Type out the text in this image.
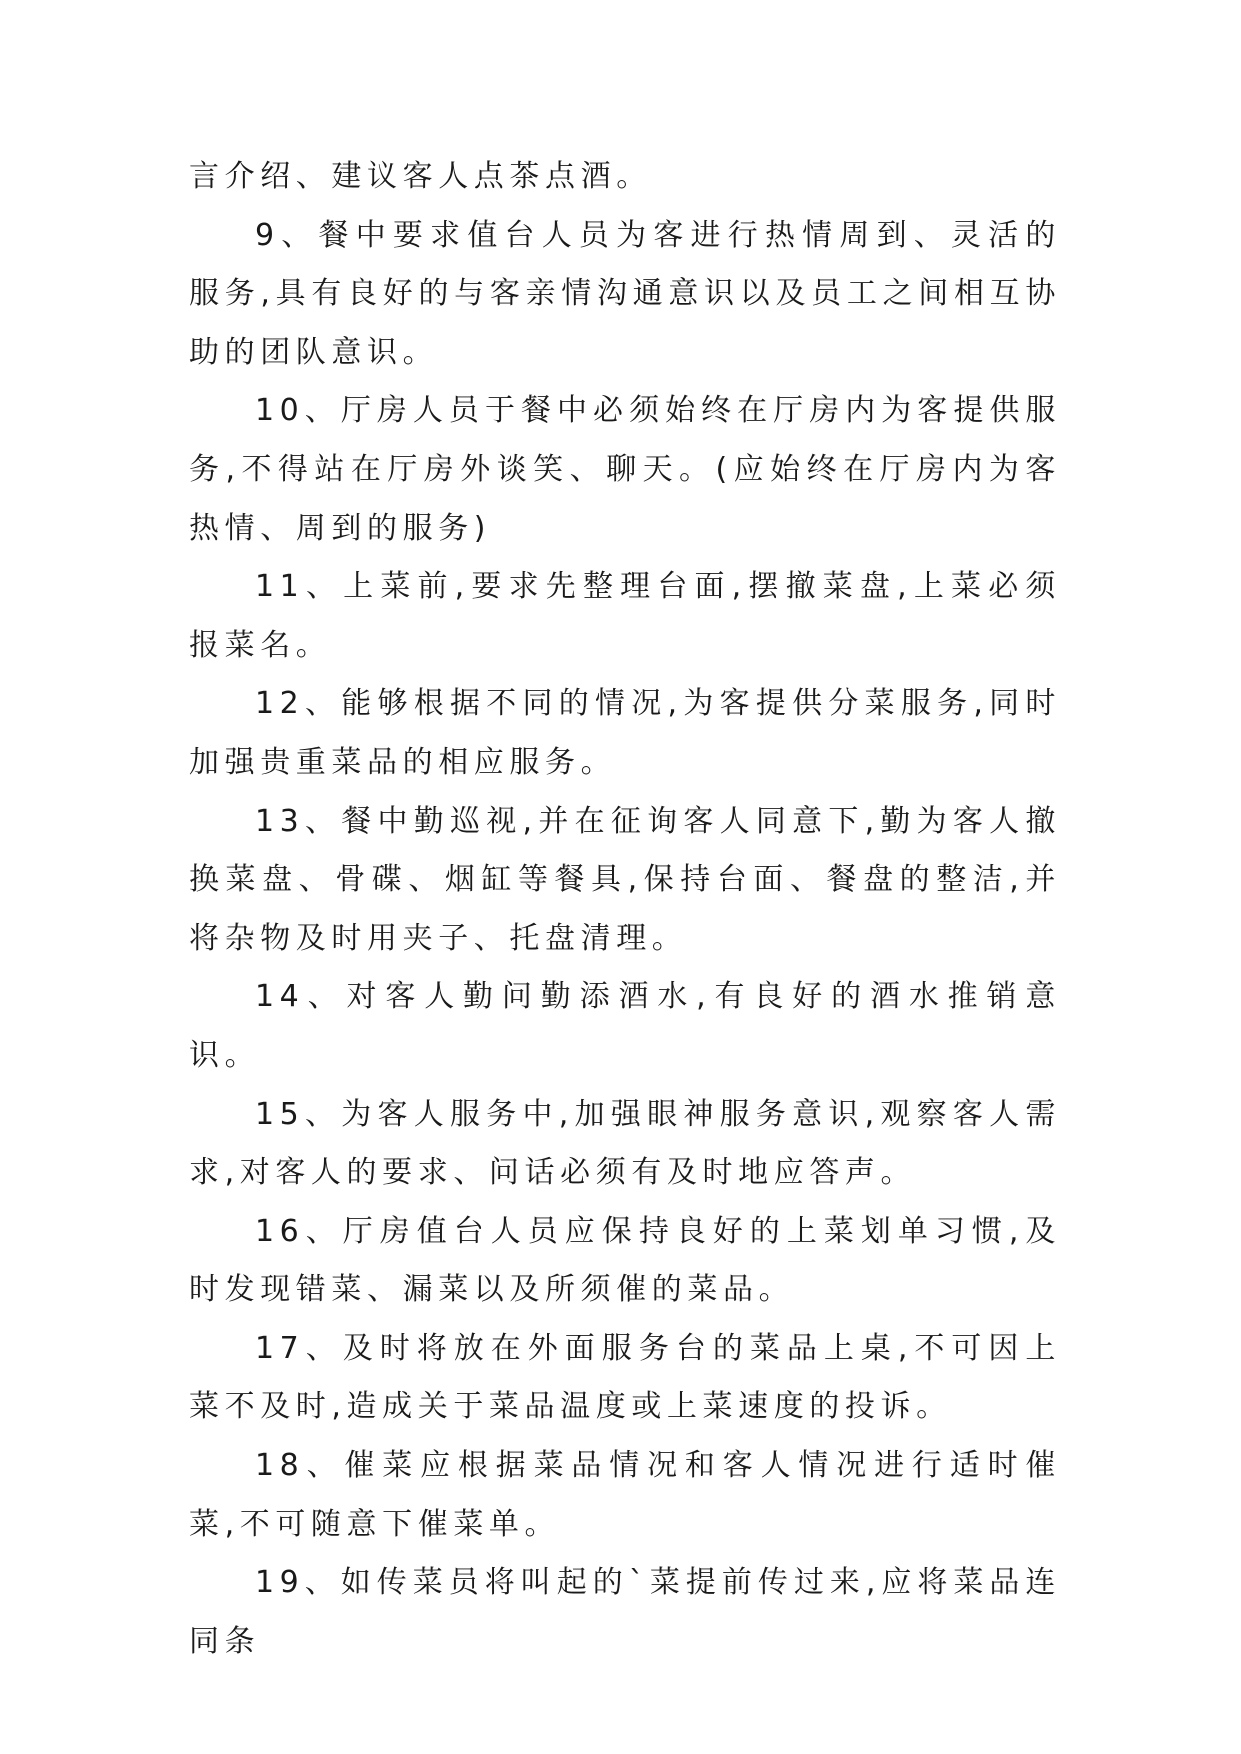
言介绍、建议客人点茶点酒。

9、餐中要求值台人员为客进行热情周到、灵活的服务,具有良好的与客亲情沟通意识以及员工之间相互协助的团队意识。

10、厅房人员于餐中必须始终在厅房内为客提供服务,不得站在厅房外谈笑、聊天。(应始终在厅房内为客热情、周到的服务)

11、上菜前,要求先整理台面,摆撤菜盘,上菜必须报菜名。

12、能够根据不同的情况,为客提供分菜服务,同时加强贵重菜品的相应服务。

13、餐中勤巡视,并在征询客人同意下,勤为客人撤换菜盘、骨碟、烟缸等餐具,保持台面、餐盘的整洁,并将杂物及时用夹子、托盘清理。

14、对客人勤问勤添酒水,有良好的酒水推销意识。

15、为客人服务中,加强眼神服务意识,观察客人需求,对客人的要求、问话必须有及时地应答声。

16、厅房值台人员应保持良好的上菜划单习惯,及时发现错菜、漏菜以及所须催的菜品。

17、及时将放在外面服务台的菜品上桌,不可因上菜不及时,造成关于菜品温度或上菜速度的投诉。

18、催菜应根据菜品情况和客人情况进行适时催菜,不可随意下催菜单。

19、如传菜员将叫起的`菜提前传过来,应将菜品连同条
